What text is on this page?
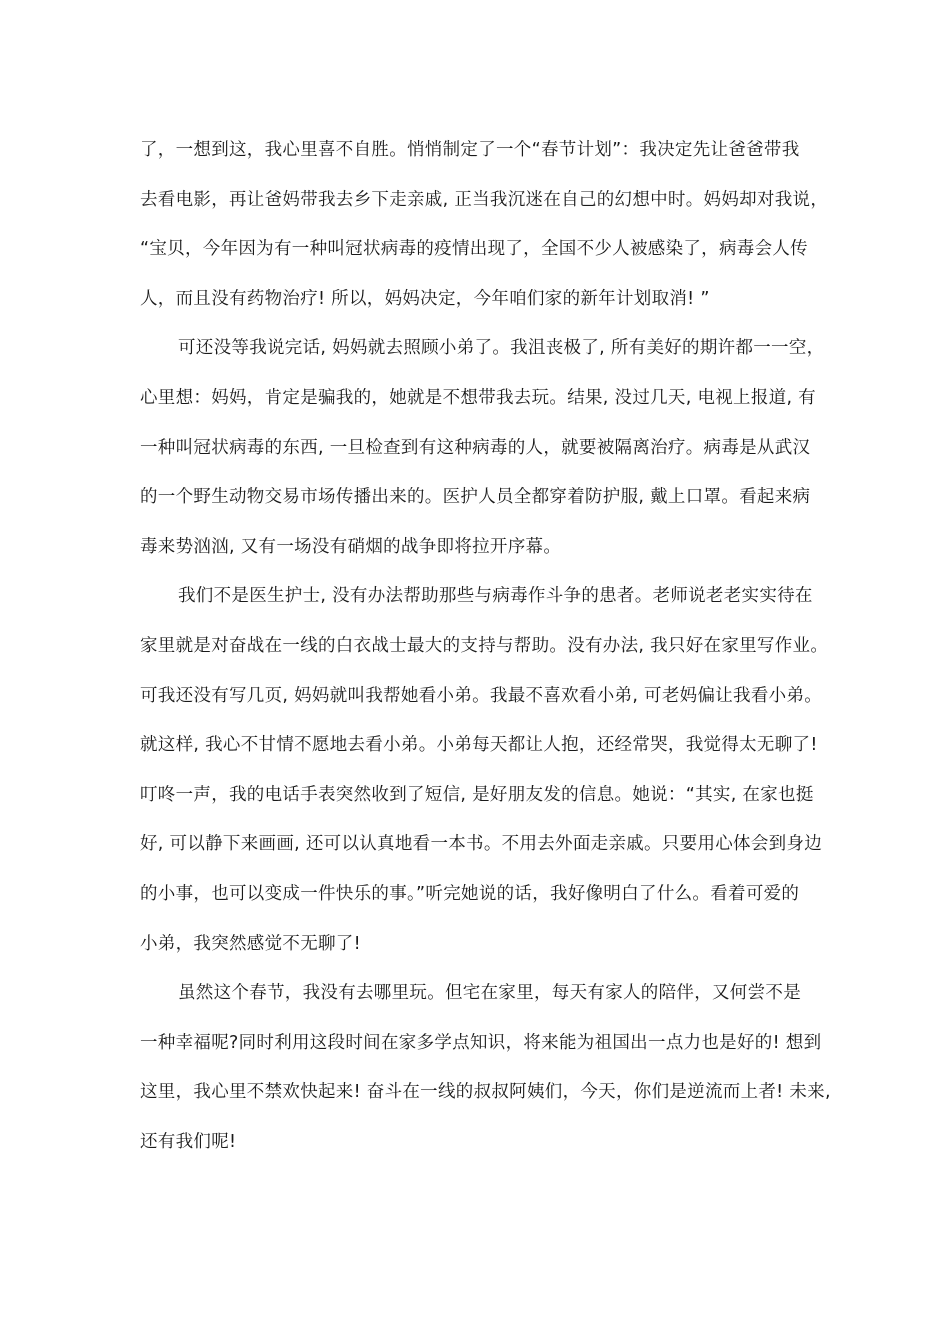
了，一想到这，我心里喜不自胜。悄悄制定了一个“春节计划”：我决定先让爸爸带我
去看电影，再让爸妈带我去乡下走亲戚, 正当我沉迷在自己的幻想中时。妈妈却对我说，
“宝贝，今年因为有一种叫冠状病毒的疫情出现了，全国不少人被感染了，病毒会人传
人，而且没有药物治疗! 所以，妈妈决定，今年咱们家的新年计划取消! ”
可还没等我说完话, 妈妈就去照顾小弟了。我沮丧极了, 所有美好的期许都一一空，
心里想：妈妈，肯定是骗我的，她就是不想带我去玩。结果, 没过几天, 电视上报道, 有
一种叫冠状病毒的东西, 一旦检查到有这种病毒的人，就要被隔离治疗。病毒是从武汉
的一个野生动物交易市场传播出来的。医护人员全都穿着防护服, 戴上口罩。看起来病
毒来势汹汹, 又有一场没有硝烟的战争即将拉开序幕。
我们不是医生护士, 没有办法帮助那些与病毒作斗争的患者。老师说老老实实待在
家里就是对奋战在一线的白衣战士最大的支持与帮助。没有办法, 我只好在家里写作业。
可我还没有写几页, 妈妈就叫我帮她看小弟。我最不喜欢看小弟, 可老妈偏让我看小弟。
就这样, 我心不甘情不愿地去看小弟。小弟每天都让人抱，还经常哭，我觉得太无聊了!
叮咚一声，我的电话手表突然收到了短信, 是好朋友发的信息。她说：“其实, 在家也挺
好, 可以静下来画画, 还可以认真地看一本书。不用去外面走亲戚。只要用心体会到身边
的小事，也可以变成一件快乐的事。”听完她说的话，我好像明白了什么。看着可爱的
小弟，我突然感觉不无聊了!
虽然这个春节，我没有去哪里玩。但宅在家里，每天有家人的陪伴，又何尝不是
一种幸福呢?同时利用这段时间在家多学点知识，将来能为祖国出一点力也是好的! 想到
这里，我心里不禁欢快起来! 奋斗在一线的叔叔阿姨们，今天，你们是逆流而上者! 未来,
还有我们呢!
